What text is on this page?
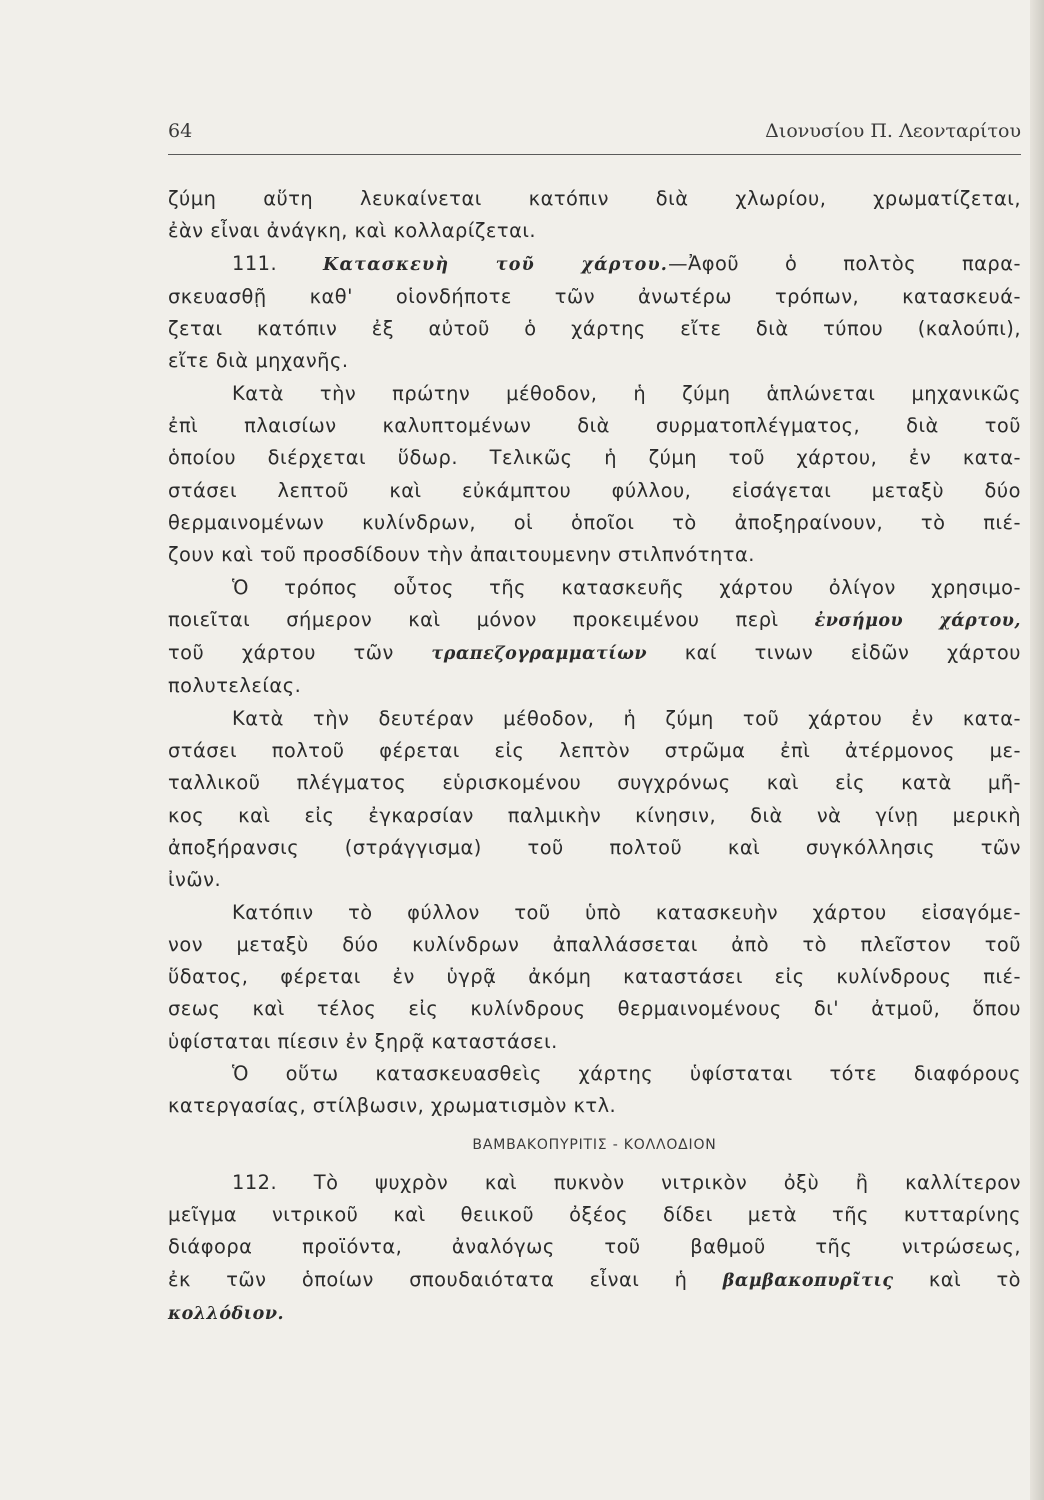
64	Διονυσίου Π. Λεονταρίτου
ζύμη αὕτη λευκαίνεται κατόπιν διὰ χλωρίου, χρωματίζεται,
ἐὰν εἶναι ἀνάγκη, καὶ κολλαρίζεται.
111. Κατασκευὴ τοῦ χάρτου.—Ἀφοῦ ὁ πολτὸς παρα-
σκευασθῇ καθ' οἱονδήποτε τῶν ἀνωτέρω τρόπων, κατασκευά-
ζεται κατόπιν ἐξ αὐτοῦ ὁ χάρτης εἴτε διὰ τύπου (καλούπι),
εἴτε διὰ μηχανῆς.
Κατὰ τὴν πρώτην μέθοδον, ἡ ζύμη ἁπλώνεται μηχανικῶς
ἐπὶ πλαισίων καλυπτομένων διὰ συρματοπλέγματος, διὰ τοῦ
ὁποίου διέρχεται ὕδωρ. Τελικῶς ἡ ζύμη τοῦ χάρτου, ἐν κατα-
στάσει λεπτοῦ καὶ εὐκάμπτου φύλλου, εἰσάγεται μεταξὺ δύο
θερμαινομένων κυλίνδρων, οἱ ὁποῖοι τὸ ἀποξηραίνουν, τὸ πιέ-
ζουν καὶ τοῦ προσδίδουν τὴν ἀπαιτουμενην στιλπνότητα.
Ὁ τρόπος οὗτος τῆς κατασκευῆς χάρτου ὀλίγον χρησιμο-
ποιεῖται σήμερον καὶ μόνον προκειμένου περὶ ἐνσήμου χάρτου,
τοῦ χάρτου τῶν τραπεζογραμματίων καί τινων εἰδῶν χάρτου
πολυτελείας.
Κατὰ τὴν δευτέραν μέθοδον, ἡ ζύμη τοῦ χάρτου ἐν κατα-
στάσει πολτοῦ φέρεται εἰς λεπτὸν στρῶμα ἐπὶ ἀτέρμονος με-
ταλλικοῦ πλέγματος εὑρισκομένου συγχρόνως καὶ εἰς κατὰ μῆ-
κος καὶ εἰς ἐγκαρσίαν παλμικὴν κίνησιν, διὰ νὰ γίνῃ μερικὴ
ἀποξήρανσις (στράγγισμα) τοῦ πολτοῦ καὶ συγκόλλησις τῶν
ἰνῶν.
Κατόπιν τὸ φύλλον τοῦ ὑπὸ κατασκευὴν χάρτου εἰσαγόμε-
νον μεταξὺ δύο κυλίνδρων ἀπαλλάσσεται ἀπὸ τὸ πλεῖστον τοῦ
ὕδατος, φέρεται ἐν ὑγρᾷ ἀκόμη καταστάσει εἰς κυλίνδρους πιέ-
σεως καὶ τέλος εἰς κυλίνδρους θερμαινομένους δι' ἀτμοῦ, ὅπου
ὑφίσταται πίεσιν ἐν ξηρᾷ καταστάσει.
Ὁ οὕτω κατασκευασθεὶς χάρτης ὑφίσταται τότε διαφόρους
κατεργασίας, στίλβωσιν, χρωματισμὸν κτλ.
ΒΑΜΒΑΚΟΠΥΡΙΤΙΣ - ΚΟΛΛΟΔΙΟΝ
112. Τὸ ψυχρὸν καὶ πυκνὸν νιτρικὸν ὀξὺ ἢ καλλίτερον
μεῖγμα νιτρικοῦ καὶ θειικοῦ ὀξέος δίδει μετὰ τῆς κυτταρίνης
διάφορα προϊόντα, ἀναλόγως τοῦ βαθμοῦ τῆς νιτρώσεως,
ἐκ τῶν ὁποίων σπουδαιότατα εἶναι ἡ βαμβακοπυρῖτις καὶ τὸ
κολλόδιον.
